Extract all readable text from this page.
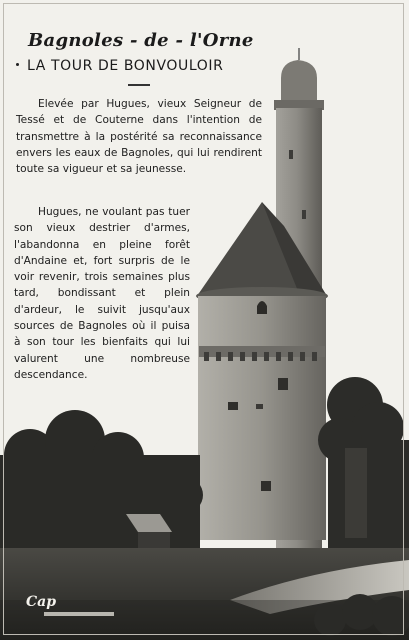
Bagnoles - de - l'Orne
LA TOUR DE BONVOULOIR

Elevée par Hugues, vieux Seigneur de Tessé et de Couterne dans l'intention de transmettre à la postérité sa reconnaissance envers les eaux de Bagnoles, qui lui rendirent toute sa vigueur et sa jeunesse.

Hugues, ne voulant pas tuer son vieux destrier d'armes, l'abandonna en pleine forêt d'Andaine et, fort surpris de le voir revenir, trois semaines plus tard, bondissant et plein d'ardeur, le suivit jusqu'aux sources de Bagnoles où il puisa à son tour les bienfaits qui lui valurent une nombreuse descendance.

Cap
